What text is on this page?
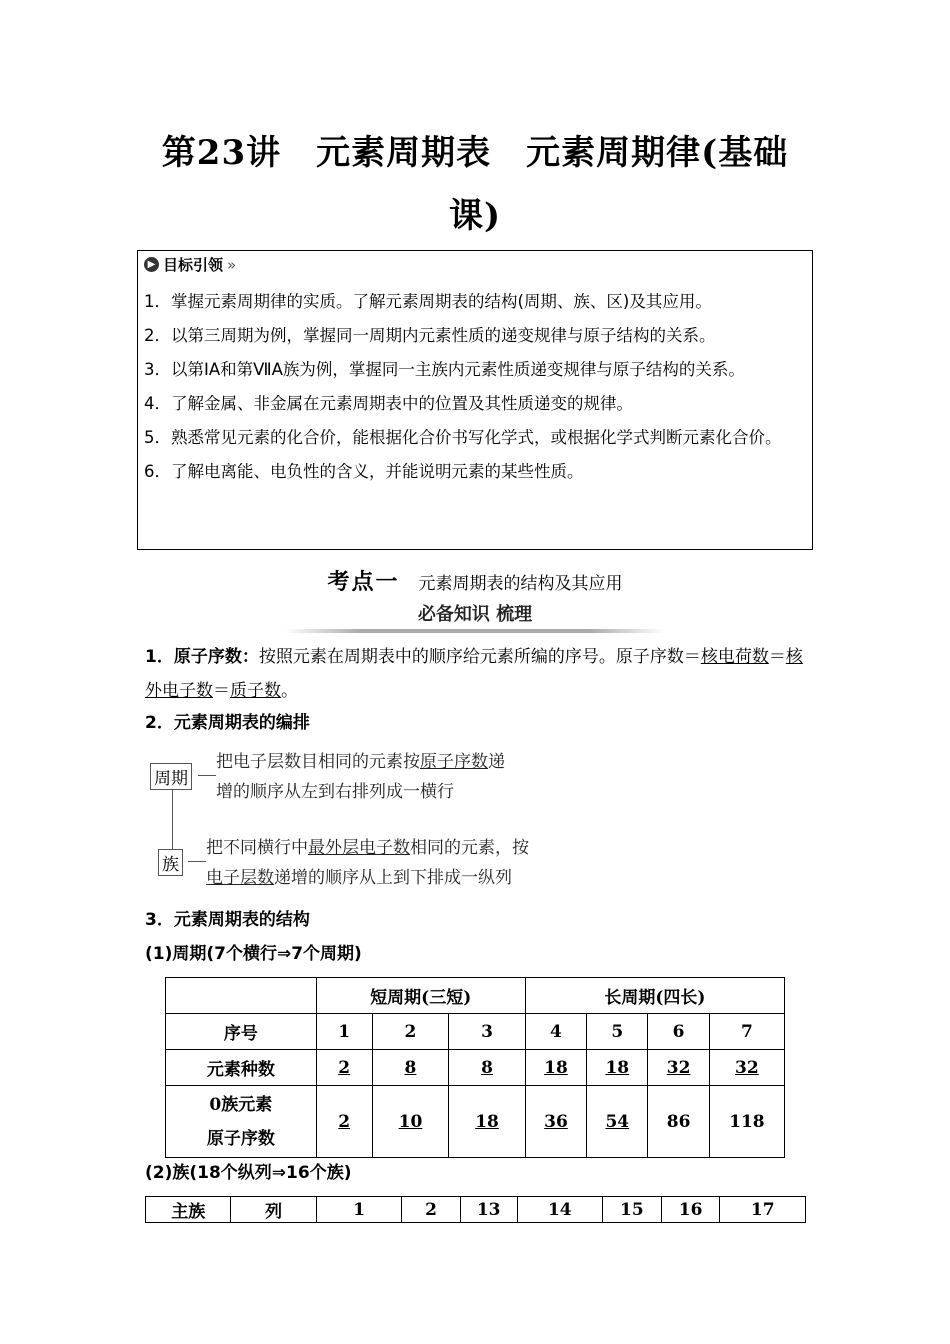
第23讲　元素周期表　元素周期律(基础
课)
▶ 目标引领 »
1．掌握元素周期律的实质。了解元素周期表的结构(周期、族、区)及其应用。
2．以第三周期为例，掌握同一周期内元素性质的递变规律与原子结构的关系。
3．以第ⅠA和第ⅦA族为例，掌握同一主族内元素性质递变规律与原子结构的关系。
4．了解金属、非金属在元素周期表中的位置及其性质递变的规律。
5．熟悉常见元素的化合价，能根据化合价书写化学式，或根据化学式判断元素化合价。
6．了解电离能、电负性的含义，并能说明元素的某些性质。
考点一 元素周期表的结构及其应用
必备知识 梳理
1．原子序数：按照元素在周期表中的顺序给元素所编的序号。原子序数＝核电荷数＝核外电子数＝质子数。
2．元素周期表的编排
周期
把电子层数目相同的元素按原子序数递
增的顺序从左到右排列成一横行
族
把不同横行中最外层电子数相同的元素，按
电子层数递增的顺序从上到下排成一纵列
3．元素周期表的结构
(1)周期(7个横行⇒7个周期)
	短周期(三短)			长周期(四长)			
序号	1	2	3	4	5	6	7
元素种数	2	8	8	18	18	32	32

0族元素
原子序数	2	10	18	36	54	86	118
(2)族(18个纵列⇒16个族)
主族	列	1	2	13	14	15	16	17
